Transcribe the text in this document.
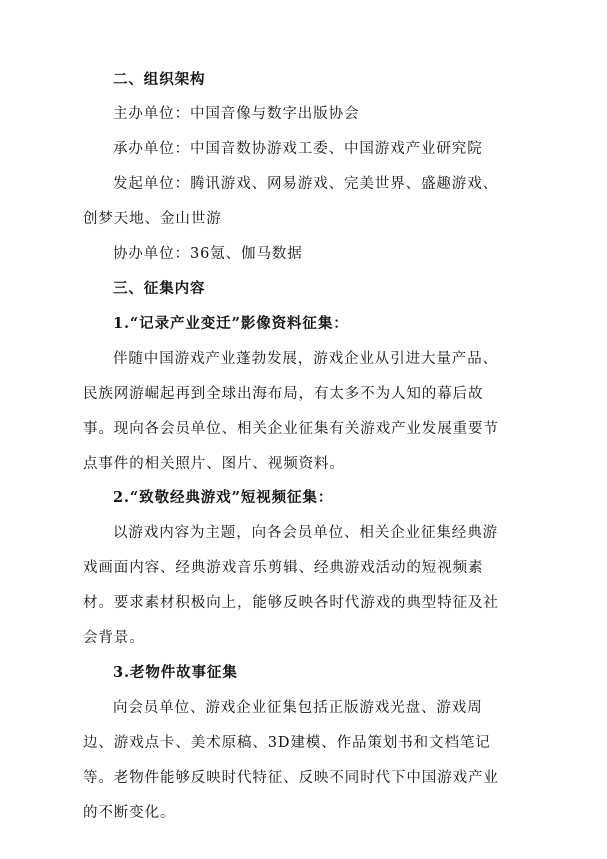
二、组织架构
主办单位：中国音像与数字出版协会
承办单位：中国音数协游戏工委、中国游戏产业研究院
发起单位：腾讯游戏、网易游戏、完美世界、盛趣游戏、
创梦天地、金山世游
协办单位：36氪、伽马数据
三、征集内容
1.“记录产业变迁”影像资料征集：
伴随中国游戏产业蓬勃发展，游戏企业从引进大量产品、
民族网游崛起再到全球出海布局，有太多不为人知的幕后故
事。现向各会员单位、相关企业征集有关游戏产业发展重要节
点事件的相关照片、图片、视频资料。
2.“致敬经典游戏”短视频征集：
以游戏内容为主题，向各会员单位、相关企业征集经典游
戏画面内容、经典游戏音乐剪辑、经典游戏活动的短视频素
材。要求素材积极向上，能够反映各时代游戏的典型特征及社
会背景。
3.老物件故事征集
向会员单位、游戏企业征集包括正版游戏光盘、游戏周
边、游戏点卡、美术原稿、3D建模、作品策划书和文档笔记
等。老物件能够反映时代特征、反映不同时代下中国游戏产业
的不断变化。
